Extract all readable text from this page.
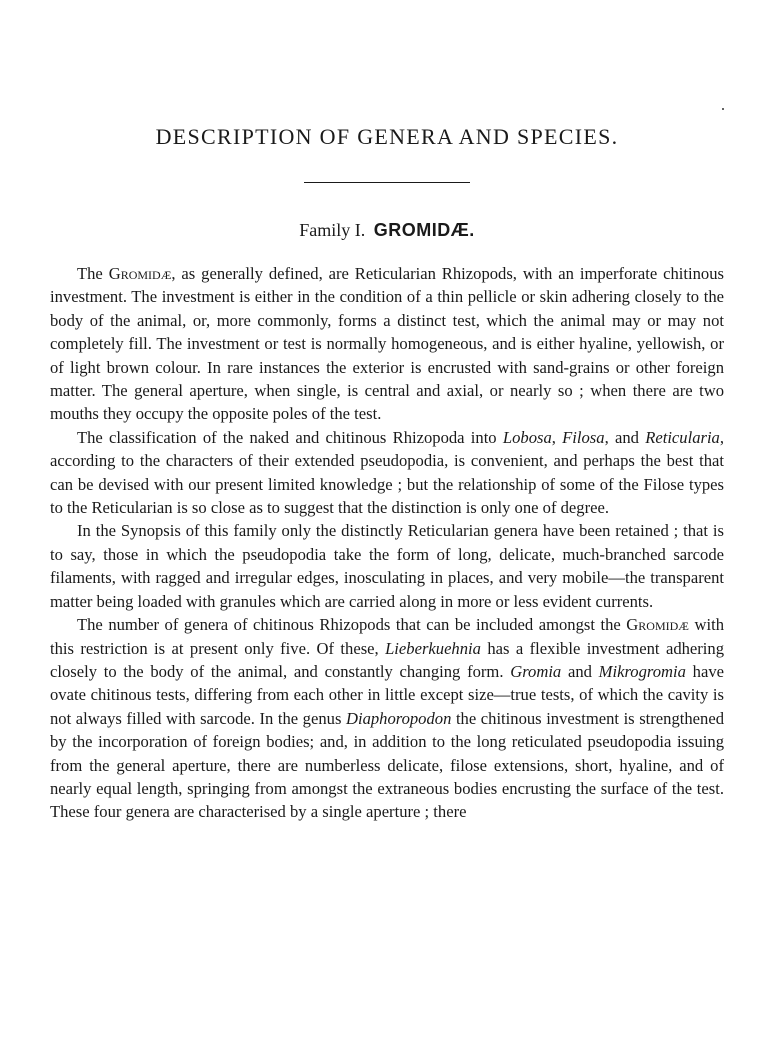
DESCRIPTION OF GENERA AND SPECIES.
Family I. GROMIDÆ.

The Gromidæ, as generally defined, are Reticularian Rhizopods, with an imperforate chitinous investment. The investment is either in the condition of a thin pellicle or skin adhering closely to the body of the animal, or, more commonly, forms a distinct test, which the animal may or may not completely fill. The investment or test is normally homogeneous, and is either hyaline, yellowish, or of light brown colour. In rare instances the exterior is encrusted with sand-grains or other foreign matter. The general aperture, when single, is central and axial, or nearly so ; when there are two mouths they occupy the opposite poles of the test.

The classification of the naked and chitinous Rhizopoda into Lobosa, Filosa, and Reticularia, according to the characters of their extended pseudopodia, is convenient, and perhaps the best that can be devised with our present limited knowledge ; but the relationship of some of the Filose types to the Reticularian is so close as to suggest that the distinction is only one of degree.

In the Synopsis of this family only the distinctly Reticularian genera have been retained ; that is to say, those in which the pseudopodia take the form of long, delicate, much-branched sarcode filaments, with ragged and irregular edges, inosculating in places, and very mobile—the transparent matter being loaded with granules which are carried along in more or less evident currents.

The number of genera of chitinous Rhizopods that can be included amongst the Gromidæ with this restriction is at present only five. Of these, Lieberkuehnia has a flexible investment adhering closely to the body of the animal, and constantly changing form. Gromia and Mikrogromia have ovate chitinous tests, differing from each other in little except size—true tests, of which the cavity is not always filled with sarcode. In the genus Diaphoropodon the chitinous investment is strengthened by the incorporation of foreign bodies; and, in addition to the long reticulated pseudopodia issuing from the general aperture, there are numberless delicate, filose extensions, short, hyaline, and of nearly equal length, springing from amongst the extraneous bodies encrusting the surface of the test. These four genera are characterised by a single aperture ; there
